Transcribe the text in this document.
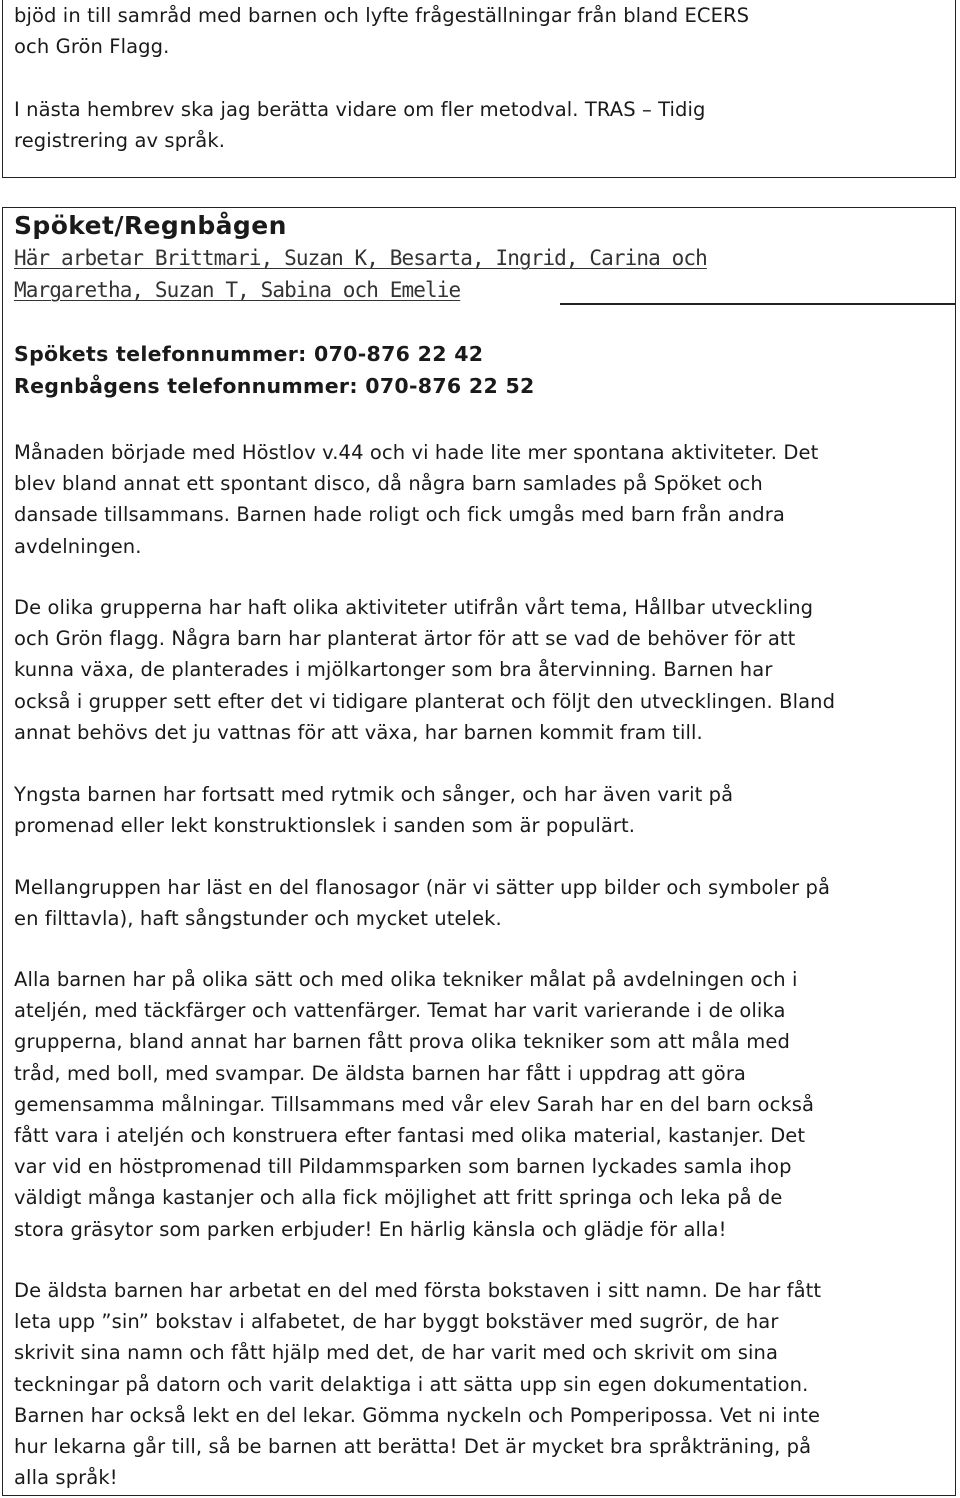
bjöd in till samråd med barnen och lyfte frågeställningar från bland ECERS
och Grön Flagg.
I nästa hembrev ska jag berätta vidare om fler metodval. TRAS – Tidig
registrering av språk.
Spöket/Regnbågen
Här arbetar Brittmari, Suzan K, Besarta, Ingrid, Carina och
Margaretha, Suzan T, Sabina och Emelie

Spökets telefonnummer: 070-876 22 42

Regnbågens telefonnummer: 070-876 22 52

Månaden började med Höstlov v.44 och vi hade lite mer spontana aktiviteter. Det
blev bland annat ett spontant disco, då några barn samlades på Spöket och
dansade tillsammans. Barnen hade roligt och fick umgås med barn från andra
avdelningen.
De olika grupperna har haft olika aktiviteter utifrån vårt tema, Hållbar utveckling
och Grön flagg. Några barn har planterat ärtor för att se vad de behöver för att
kunna växa, de planterades i mjölkartonger som bra återvinning. Barnen har
också i grupper sett efter det vi tidigare planterat och följt den utvecklingen. Bland
annat behövs det ju vattnas för att växa, har barnen kommit fram till.
Yngsta barnen har fortsatt med rytmik och sånger, och har även varit på
promenad eller lekt konstruktionslek i sanden som är populärt.
Mellangruppen har läst en del flanosagor (när vi sätter upp bilder och symboler på
en filttavla), haft sångstunder och mycket utelek.
Alla barnen har på olika sätt och med olika tekniker målat på avdelningen och i
ateljén, med täckfärger och vattenfärger. Temat har varit varierande i de olika
grupperna, bland annat har barnen fått prova olika tekniker som att måla med
tråd, med boll, med svampar. De äldsta barnen har fått i uppdrag att göra
gemensamma målningar. Tillsammans med vår elev Sarah har en del barn också
fått vara i ateljén och konstruera efter fantasi med olika material, kastanjer. Det
var vid en höstpromenad till Pildammsparken som barnen lyckades samla ihop
väldigt många kastanjer och alla fick möjlighet att fritt springa och leka på de
stora gräsytor som parken erbjuder! En härlig känsla och glädje för alla!
De äldsta barnen har arbetat en del med första bokstaven i sitt namn. De har fått
leta upp ”sin” bokstav i alfabetet, de har byggt bokstäver med sugrör, de har
skrivit sina namn och fått hjälp med det, de har varit med och skrivit om sina
teckningar på datorn och varit delaktiga i att sätta upp sin egen dokumentation.
Barnen har också lekt en del lekar. Gömma nyckeln och Pomperipossa. Vet ni inte
hur lekarna går till, så be barnen att berätta! Det är mycket bra språkträning, på
alla språk!
